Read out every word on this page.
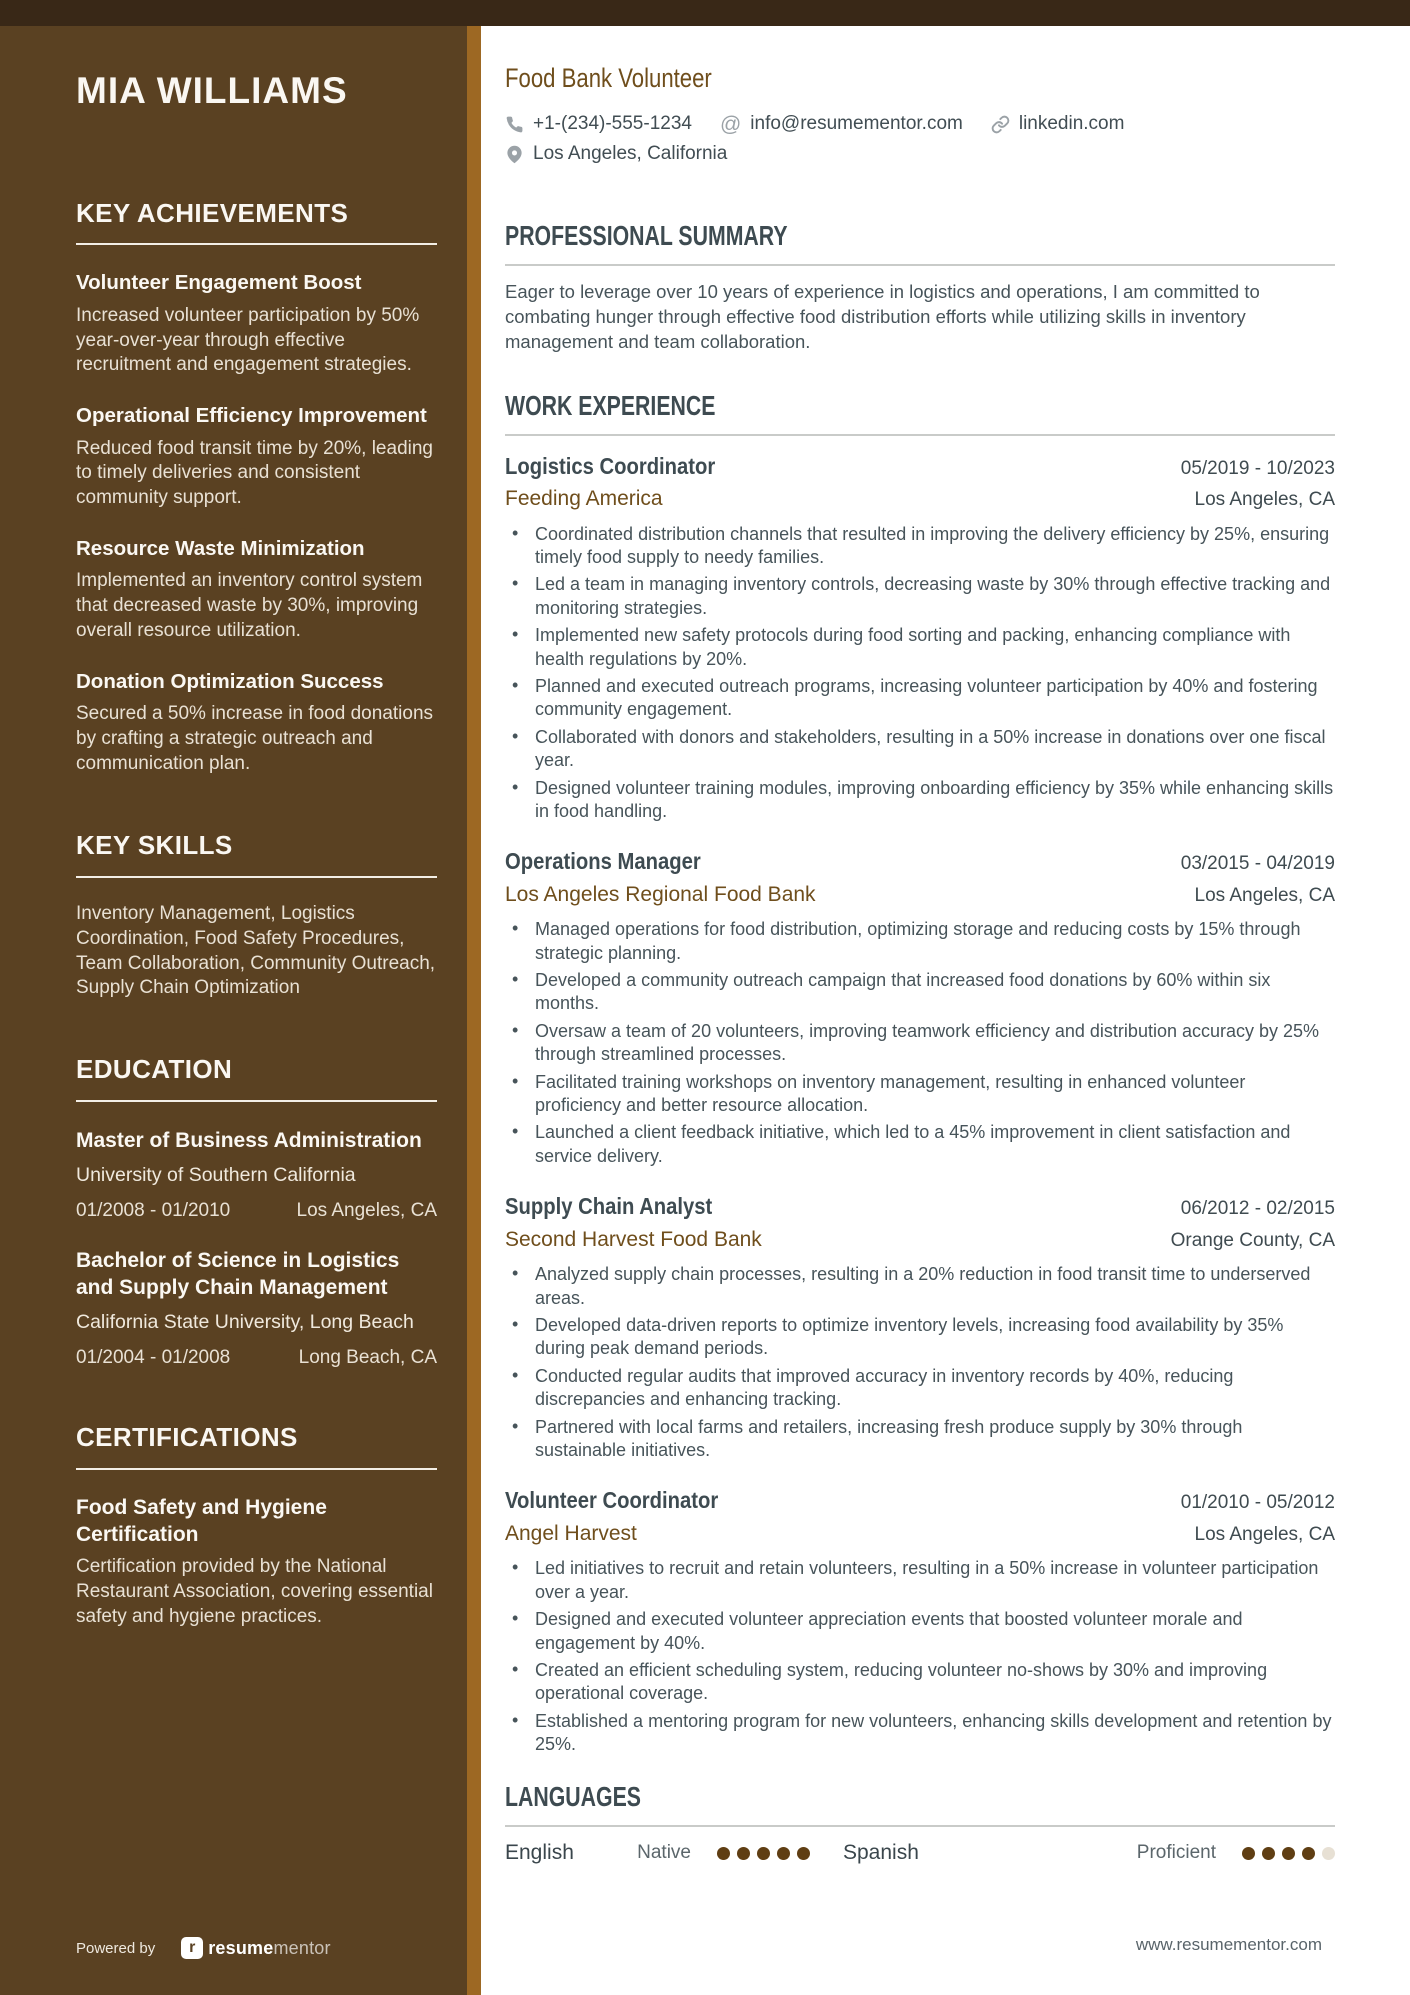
MIA WILLIAMS
KEY ACHIEVEMENTS
Volunteer Engagement Boost

Increased volunteer participation by 50% year-over-year through effective recruitment and engagement strategies.

Operational Efficiency Improvement

Reduced food transit time by 20%, leading to timely deliveries and consistent community support.

Resource Waste Minimization

Implemented an inventory control system that decreased waste by 30%, improving overall resource utilization.

Donation Optimization Success

Secured a 50% increase in food donations by crafting a strategic outreach and communication plan.

KEY SKILLS

Inventory Management, Logistics Coordination, Food Safety Procedures, Team Collaboration, Community Outreach, Supply Chain Optimization

EDUCATION
Master of Business Administration

University of Southern California

01/2008 - 01/2010	Los Angeles, CA
Bachelor of Science in Logistics and Supply Chain Management

California State University, Long Beach

01/2004 - 01/2008	Long Beach, CA
CERTIFICATIONS
Food Safety and Hygiene Certification

Certification provided by the National Restaurant Association, covering essential safety and hygiene practices.

Powered by r	resumementor
Food Bank Volunteer
+1-(234)-555-1234 @ info@resumementor.com	linkedin.com
Los Angeles, California
PROFESSIONAL SUMMARY

Eager to leverage over 10 years of experience in logistics and operations, I am committed to combating hunger through effective food distribution efforts while utilizing skills in inventory management and team collaboration.

WORK EXPERIENCE
Logistics Coordinator	05/2019 - 10/2023
Feeding America	Los Angeles, CA
• Coordinated distribution channels that resulted in improving the delivery efficiency by 25%, ensuring timely food supply to needy families.
• Led a team in managing inventory controls, decreasing waste by 30% through effective tracking and monitoring strategies.
• Implemented new safety protocols during food sorting and packing, enhancing compliance with health regulations by 20%.
• Planned and executed outreach programs, increasing volunteer participation by 40% and fostering community engagement.
• Collaborated with donors and stakeholders, resulting in a 50% increase in donations over one fiscal year.
• Designed volunteer training modules, improving onboarding efficiency by 35% while enhancing skills in food handling.
Operations Manager	03/2015 - 04/2019
Los Angeles Regional Food Bank	Los Angeles, CA
• Managed operations for food distribution, optimizing storage and reducing costs by 15% through strategic planning.
• Developed a community outreach campaign that increased food donations by 60% within six months.
• Oversaw a team of 20 volunteers, improving teamwork efficiency and distribution accuracy by 25% through streamlined processes.
• Facilitated training workshops on inventory management, resulting in enhanced volunteer proficiency and better resource allocation.
• Launched a client feedback initiative, which led to a 45% improvement in client satisfaction and service delivery.
Supply Chain Analyst	06/2012 - 02/2015
Second Harvest Food Bank	Orange County, CA
• Analyzed supply chain processes, resulting in a 20% reduction in food transit time to underserved areas.
• Developed data-driven reports to optimize inventory levels, increasing food availability by 35% during peak demand periods.
• Conducted regular audits that improved accuracy in inventory records by 40%, reducing discrepancies and enhancing tracking.
• Partnered with local farms and retailers, increasing fresh produce supply by 30% through sustainable initiatives.
Volunteer Coordinator	01/2010 - 05/2012
Angel Harvest	Los Angeles, CA
• Led initiatives to recruit and retain volunteers, resulting in a 50% increase in volunteer participation over a year.
• Designed and executed volunteer appreciation events that boosted volunteer morale and engagement by 40%.
• Created an efficient scheduling system, reducing volunteer no-shows by 30% and improving operational coverage.
• Established a mentoring program for new volunteers, enhancing skills development and retention by 25%.
LANGUAGES
English	Native	Spanish	Proficient
www.resumementor.com
